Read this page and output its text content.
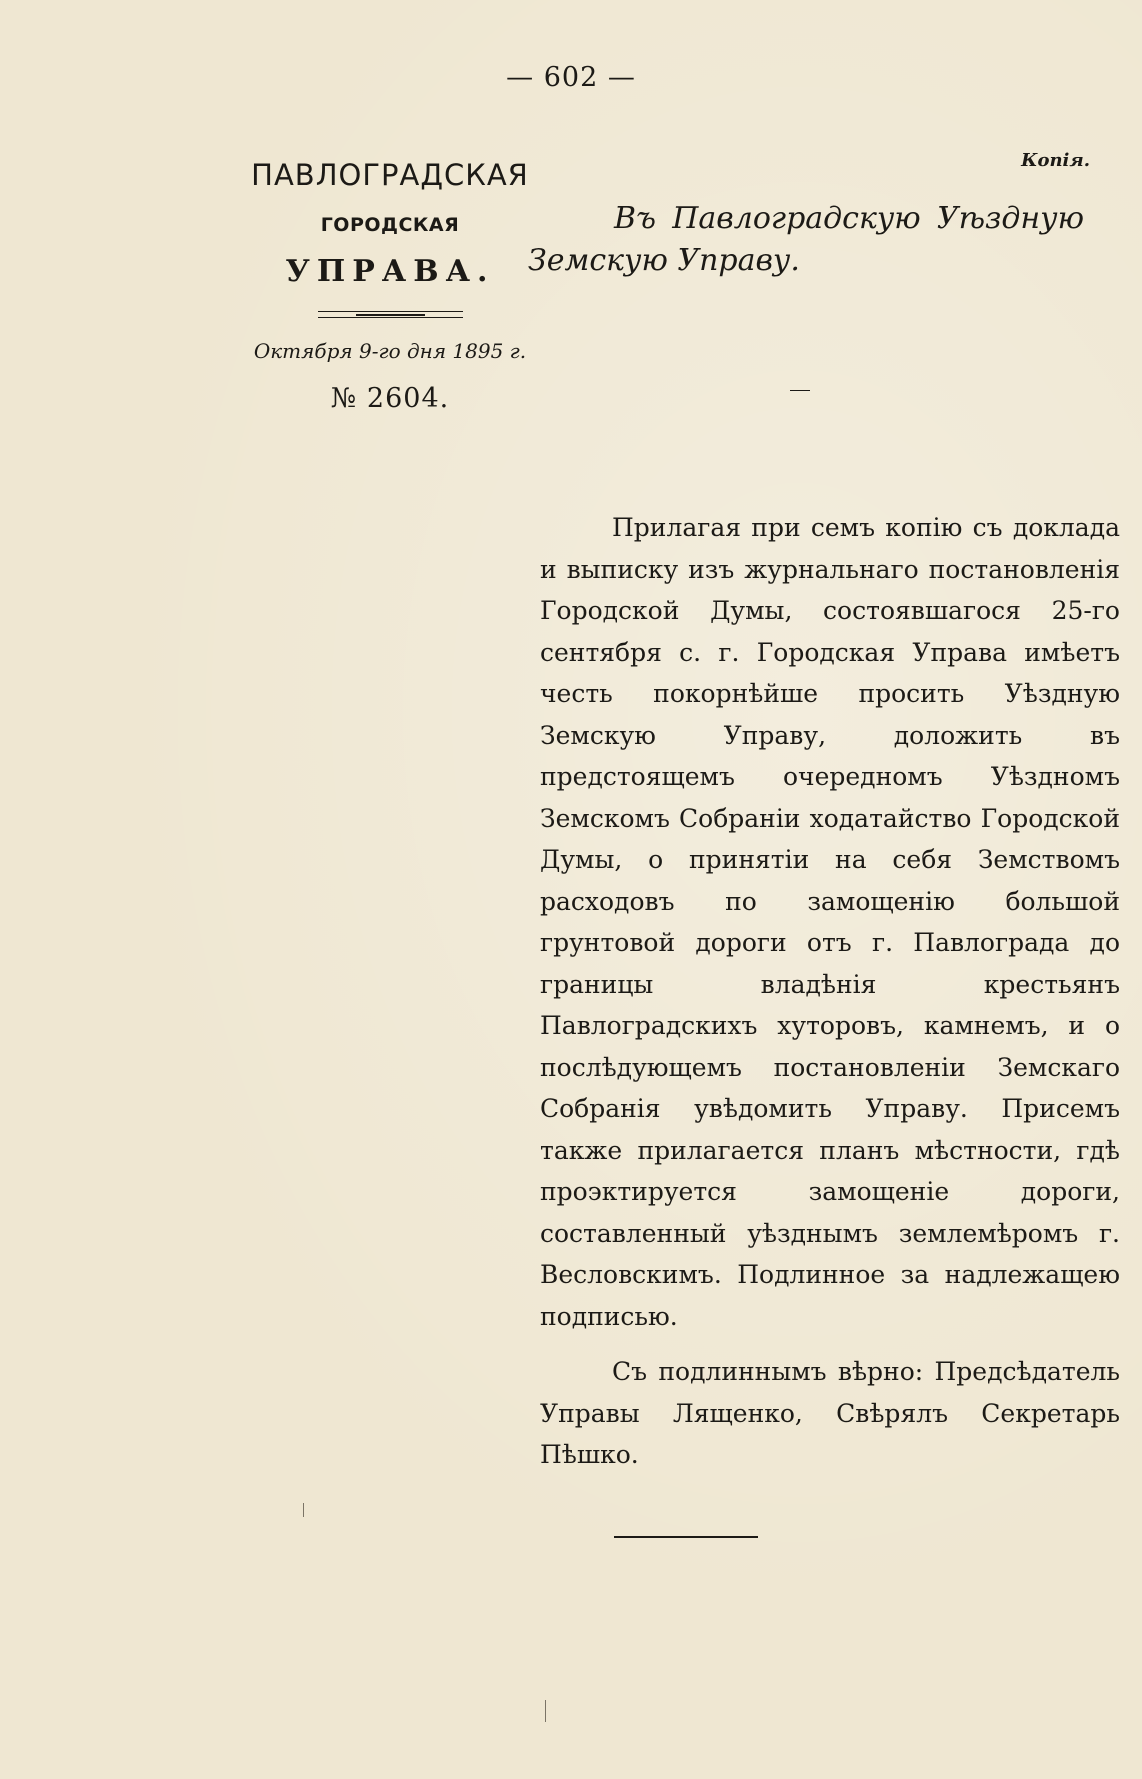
— 602 —
ПАВЛОГРАДСКАЯ
ГОРОДСКАЯ
УПРАВА.
Октября 9-го дня 1895 г.
№ 2604.
Копія.
Въ Павлоградскую Уѣздную Земскую Управу.

Прилагая при семъ копію съ доклада и выписку изъ журнальнаго постановленія Городской Думы, состоявшагося 25-го сентября с. г. Городская Управа имѣетъ честь покорнѣйше просить Уѣздную Земскую Управу, доложить въ предстоящемъ очередномъ Уѣздномъ Земскомъ Собраніи ходатайство Городской Думы, о принятіи на себя Земствомъ расходовъ по замощенію большой грунтовой дороги отъ г. Павлограда до границы владѣнія крестьянъ Павлоградскихъ хуторовъ, камнемъ, и о послѣдующемъ постановленіи Земскаго Собранія увѣдомить Управу. Присемъ также прилагается планъ мѣстности, гдѣ проэктируется замощеніе дороги, составленный уѣзднымъ землемѣромъ г. Весловскимъ. Подлинное за надлежащею подписью.

Съ подлиннымъ вѣрно: Предсѣдатель Управы Лященко, Свѣрялъ Секретарь Пѣшко.
